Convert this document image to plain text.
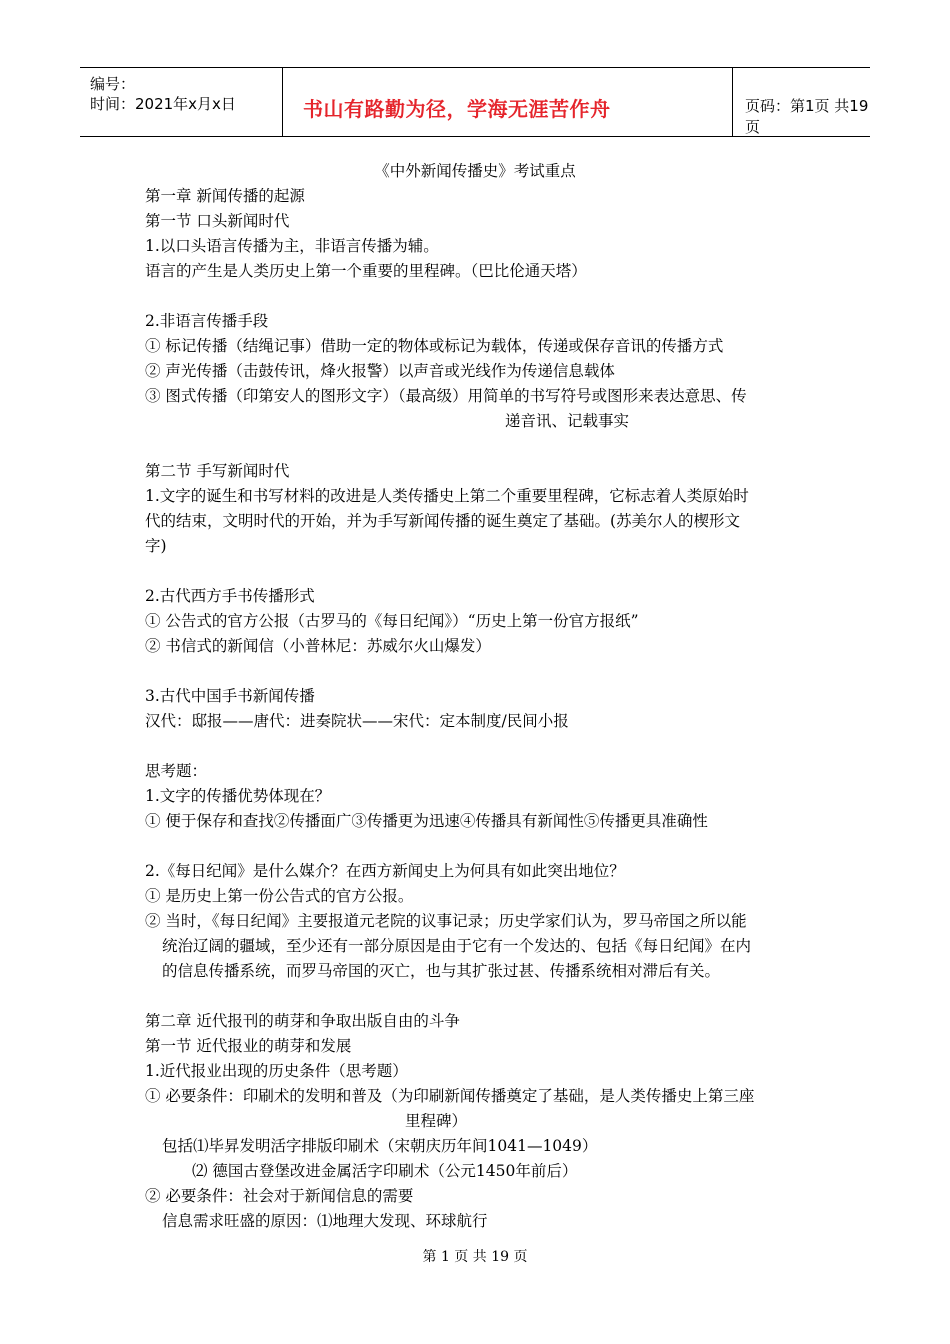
编号：
时间：2021年x月x日	书山有路勤为径，学海无涯苦作舟	页码：第1页 共19页
《中外新闻传播史》考试重点
第一章 新闻传播的起源
第一节 口头新闻时代
1.以口头语言传播为主，非语言传播为辅。
语言的产生是人类历史上第一个重要的里程碑。（巴比伦通天塔）
2.非语言传播手段
① 标记传播（结绳记事）借助一定的物体或标记为载体，传递或保存音讯的传播方式
② 声光传播（击鼓传讯，烽火报警）以声音或光线作为传递信息载体
③ 图式传播（印第安人的图形文字）（最高级）用简单的书写符号或图形来表达意思、传
递音讯、记载事实
第二节 手写新闻时代
1.文字的诞生和书写材料的改进是人类传播史上第二个重要里程碑，它标志着人类原始时
代的结束，文明时代的开始，并为手写新闻传播的诞生奠定了基础。(苏美尔人的楔形文
字)
2.古代西方手书传播形式
① 公告式的官方公报（古罗马的《每日纪闻》）“历史上第一份官方报纸”
② 书信式的新闻信（小普林尼：苏威尔火山爆发）
3.古代中国手书新闻传播
汉代：邸报——唐代：进奏院状——宋代：定本制度/民间小报
思考题：
1.文字的传播优势体现在？
① 便于保存和查找②传播面广③传播更为迅速④传播具有新闻性⑤传播更具准确性
2.《每日纪闻》是什么媒介？在西方新闻史上为何具有如此突出地位？
① 是历史上第一份公告式的官方公报。
② 当时，《每日纪闻》主要报道元老院的议事记录；历史学家们认为，罗马帝国之所以能
统治辽阔的疆域，至少还有一部分原因是由于它有一个发达的、包括《每日纪闻》在内
的信息传播系统，而罗马帝国的灭亡，也与其扩张过甚、传播系统相对滞后有关。
第二章 近代报刊的萌芽和争取出版自由的斗争
第一节 近代报业的萌芽和发展
1.近代报业出现的历史条件（思考题）
① 必要条件：印刷术的发明和普及（为印刷新闻传播奠定了基础，是人类传播史上第三座
里程碑）
包括⑴毕昇发明活字排版印刷术（宋朝庆历年间1041—1049）
⑵ 德国古登堡改进金属活字印刷术（公元1450年前后）
② 必要条件：社会对于新闻信息的需要
信息需求旺盛的原因：⑴地理大发现、环球航行
第 1 页 共 19 页
